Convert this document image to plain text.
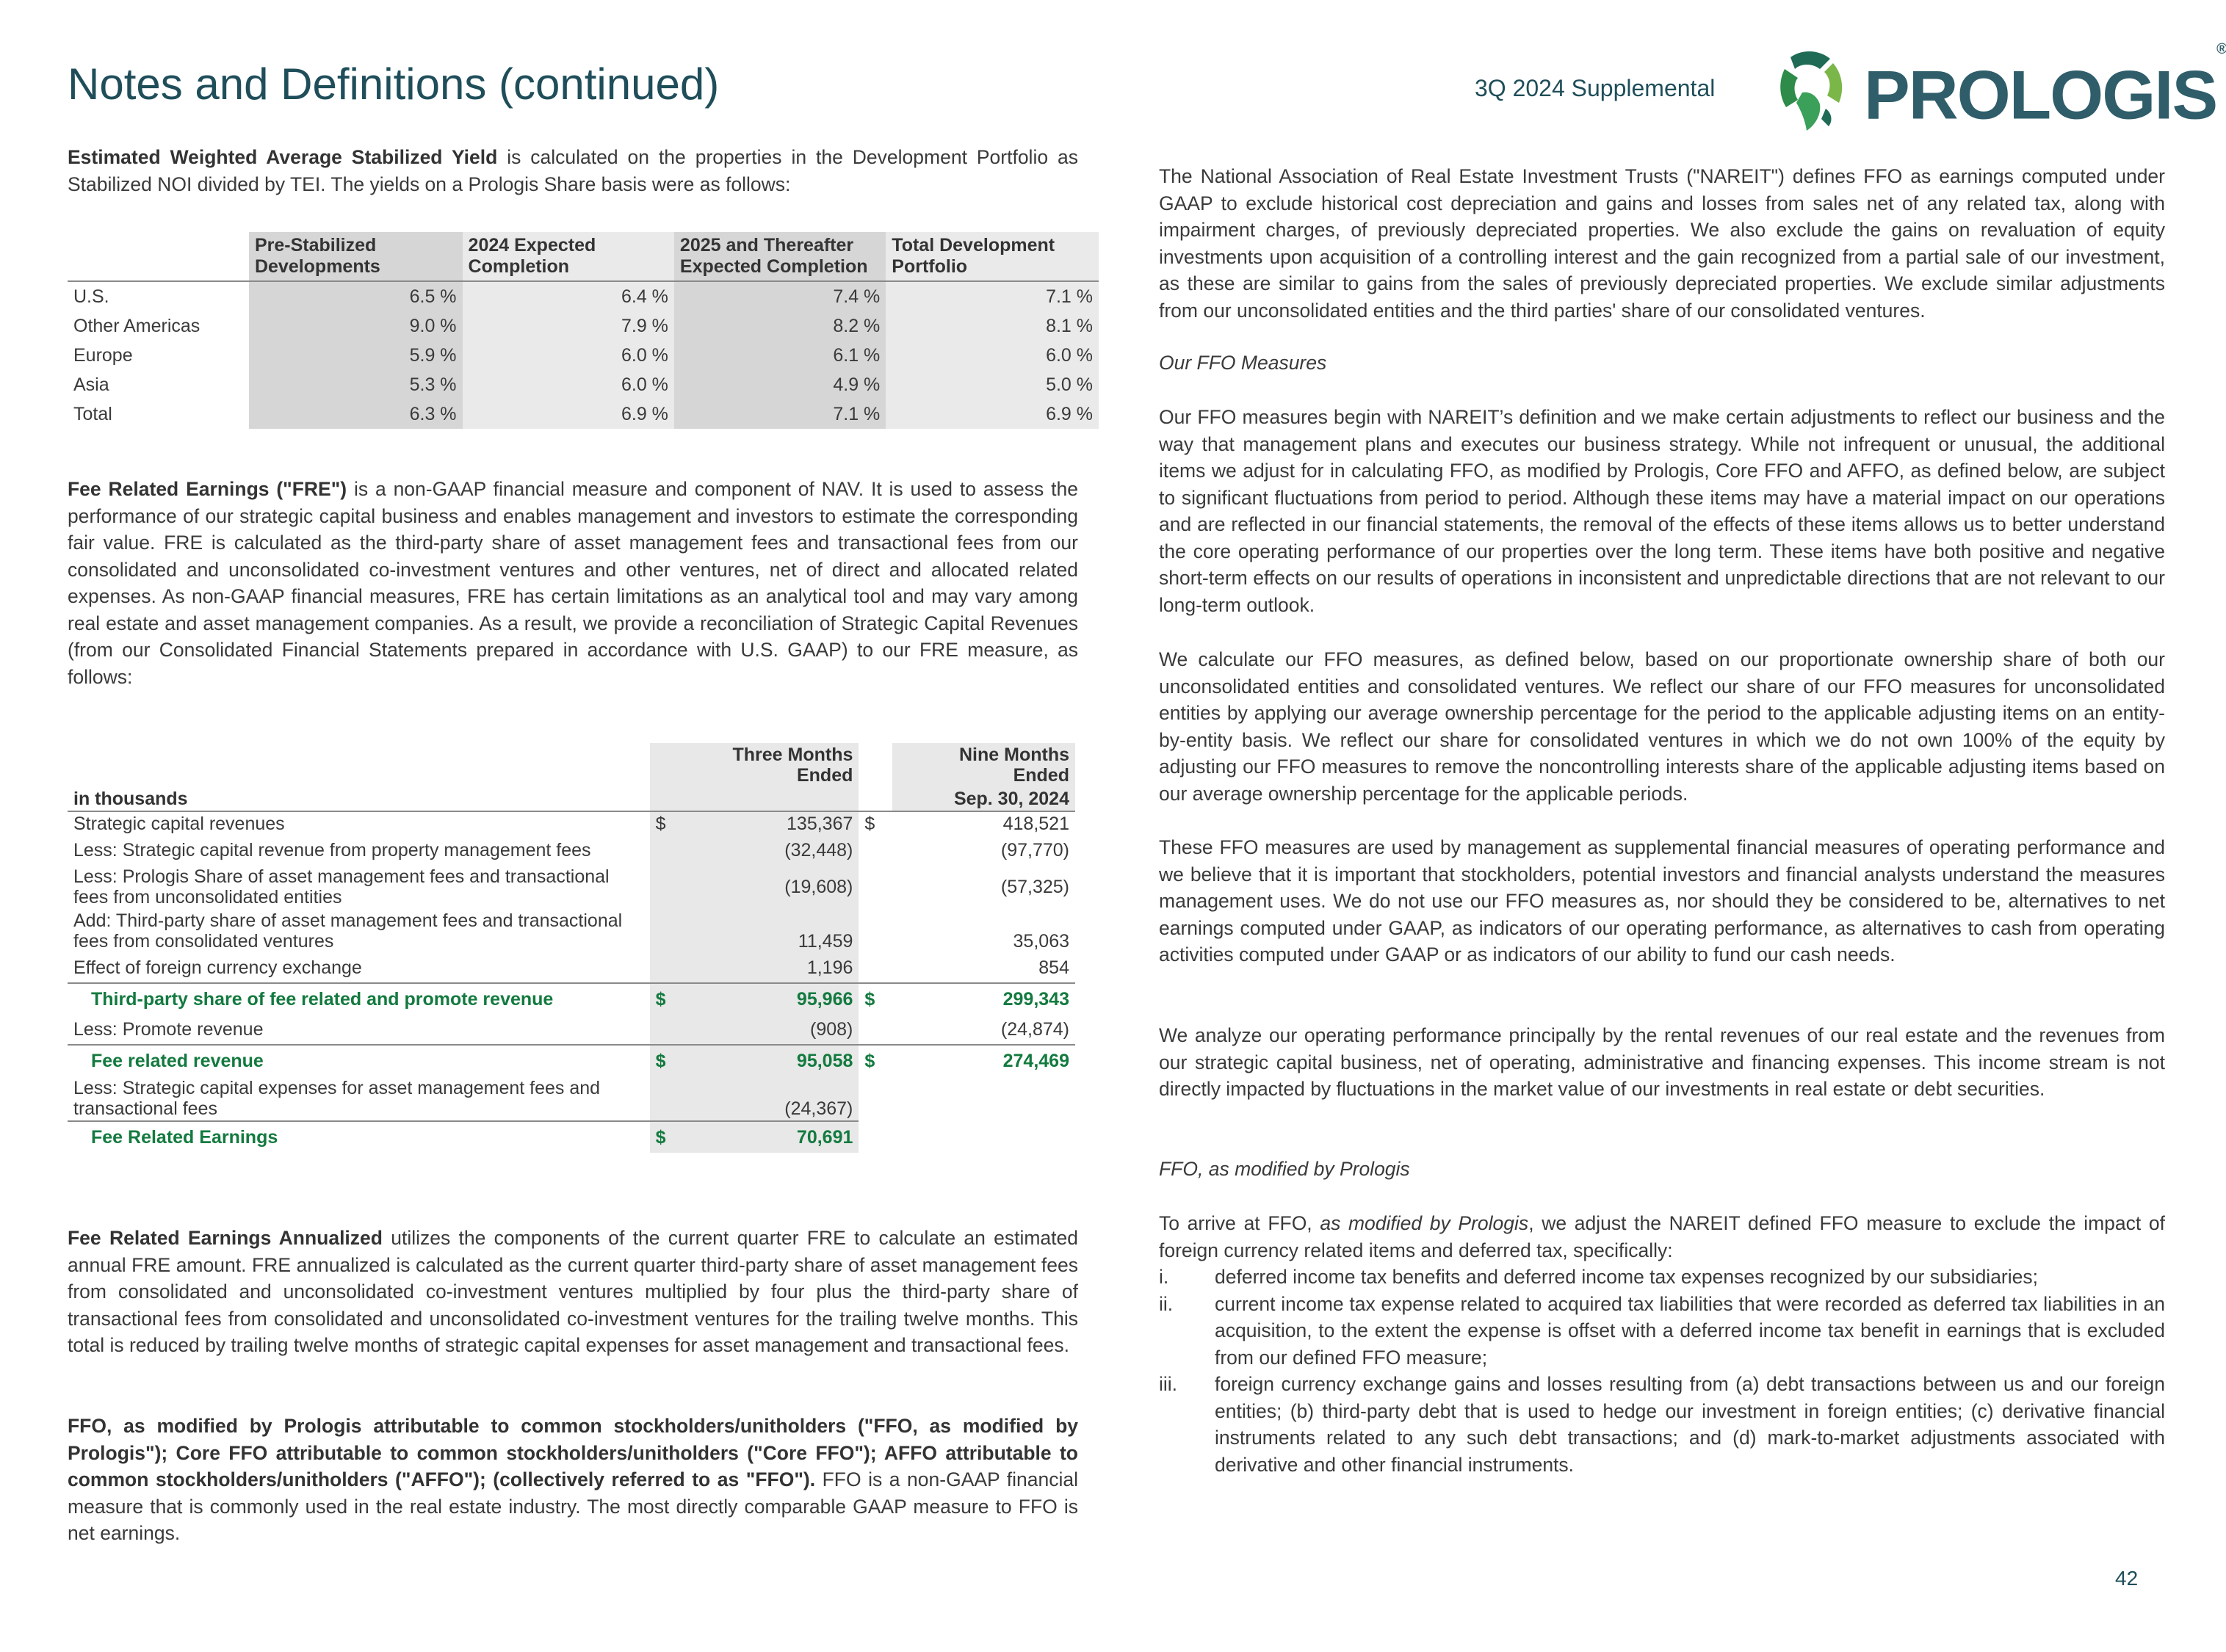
Notes and Definitions (continued)	3Q 2024 Supplemental PROLOGIS®

Estimated Weighted Average Stabilized Yield is calculated on the properties in the Development Portfolio as Stabilized NOI divided by TEI. The yields on a Prologis Share basis were as follows:

	Pre-Stabilized Developments	2024 Expected Completion	2025 and Thereafter Expected Completion	Total Development Portfolio
U.S.	6.5 %	6.4 %	7.4 %	7.1 %
Other Americas	9.0 %	7.9 %	8.2 %	8.1 %
Europe	5.9 %	6.0 %	6.1 %	6.0 %
Asia	5.3 %	6.0 %	4.9 %	5.0 %
Total	6.3 %	6.9 %	7.1 %	6.9 %

Fee Related Earnings ("FRE") is a non-GAAP financial measure and component of NAV. It is used to assess the performance of our strategic capital business and enables management and investors to estimate the corresponding fair value. FRE is calculated as the third-party share of asset management fees and transactional fees from our consolidated and unconsolidated co-investment ventures and other ventures, net of direct and allocated related expenses. As non-GAAP financial measures, FRE has certain limitations as an analytical tool and may vary among real estate and asset management companies. As a result, we provide a reconciliation of Strategic Capital Revenues (from our Consolidated Financial Statements prepared in accordance with U.S. GAAP) to our FRE measure, as follows:

		Three Months Ended		Nine Months Ended
in thousands				Sep. 30, 2024
Strategic capital revenues	$	135,367	$	418,521
Less: Strategic capital revenue from property management fees		(32,448)		(97,770)
Less: Prologis Share of asset management fees and transactional fees from unconsolidated entities		(19,608)		(57,325)
Add: Third-party share of asset management fees and transactional fees from consolidated ventures		11,459		35,063
Effect of foreign currency exchange		1,196		854
Third-party share of fee related and promote revenue	$	95,966	$	299,343
Less: Promote revenue		(908)		(24,874)
Fee related revenue	$	95,058	$	274,469
Less: Strategic capital expenses for asset management fees and transactional fees		(24,367)		
Fee Related Earnings	$	70,691		

Fee Related Earnings Annualized utilizes the components of the current quarter FRE to calculate an estimated annual FRE amount. FRE annualized is calculated as the current quarter third-party share of asset management fees from consolidated and unconsolidated co-investment ventures multiplied by four plus the third-party share of transactional fees from consolidated and unconsolidated co-investment ventures for the trailing twelve months. This total is reduced by trailing twelve months of strategic capital expenses for asset management and transactional fees.

FFO, as modified by Prologis attributable to common stockholders/unitholders ("FFO, as modified by Prologis"); Core FFO attributable to common stockholders/unitholders ("Core FFO"); AFFO attributable to common stockholders/unitholders ("AFFO"); (collectively referred to as "FFO"). FFO is a non-GAAP financial measure that is commonly used in the real estate industry. The most directly comparable GAAP measure to FFO is net earnings.

The National Association of Real Estate Investment Trusts ("NAREIT") defines FFO as earnings computed under GAAP to exclude historical cost depreciation and gains and losses from sales net of any related tax, along with impairment charges, of previously depreciated properties. We also exclude the gains on revaluation of equity investments upon acquisition of a controlling interest and the gain recognized from a partial sale of our investment, as these are similar to gains from the sales of previously depreciated properties. We exclude similar adjustments from our unconsolidated entities and the third parties' share of our consolidated ventures.

Our FFO Measures

Our FFO measures begin with NAREIT’s definition and we make certain adjustments to reflect our business and the way that management plans and executes our business strategy. While not infrequent or unusual, the additional items we adjust for in calculating FFO, as modified by Prologis, Core FFO and AFFO, as defined below, are subject to significant fluctuations from period to period. Although these items may have a material impact on our operations and are reflected in our financial statements, the removal of the effects of these items allows us to better understand the core operating performance of our properties over the long term. These items have both positive and negative short-term effects on our results of operations in inconsistent and unpredictable directions that are not relevant to our long-term outlook.

We calculate our FFO measures, as defined below, based on our proportionate ownership share of both our unconsolidated entities and consolidated ventures. We reflect our share of our FFO measures for unconsolidated entities by applying our average ownership percentage for the period to the applicable adjusting items on an entity-by-entity basis. We reflect our share for consolidated ventures in which we do not own 100% of the equity by adjusting our FFO measures to remove the noncontrolling interests share of the applicable adjusting items based on our average ownership percentage for the applicable periods.

These FFO measures are used by management as supplemental financial measures of operating performance and we believe that it is important that stockholders, potential investors and financial analysts understand the measures management uses. We do not use our FFO measures as, nor should they be considered to be, alternatives to net earnings computed under GAAP, as indicators of our operating performance, as alternatives to cash from operating activities computed under GAAP or as indicators of our ability to fund our cash needs.

We analyze our operating performance principally by the rental revenues of our real estate and the revenues from our strategic capital business, net of operating, administrative and financing expenses. This income stream is not directly impacted by fluctuations in the market value of our investments in real estate or debt securities.

FFO, as modified by Prologis

To arrive at FFO, as modified by Prologis, we adjust the NAREIT defined FFO measure to exclude the impact of foreign currency related items and deferred tax, specifically:

i. deferred income tax benefits and deferred income tax expenses recognized by our subsidiaries;
ii. current income tax expense related to acquired tax liabilities that were recorded as deferred tax liabilities in an acquisition, to the extent the expense is offset with a deferred income tax benefit in earnings that is excluded from our defined FFO measure;
iii. foreign currency exchange gains and losses resulting from (a) debt transactions between us and our foreign entities; (b) third-party debt that is used to hedge our investment in foreign entities; (c) derivative financial instruments related to any such debt transactions; and (d) mark-to-market adjustments associated with derivative and other financial instruments.
42
